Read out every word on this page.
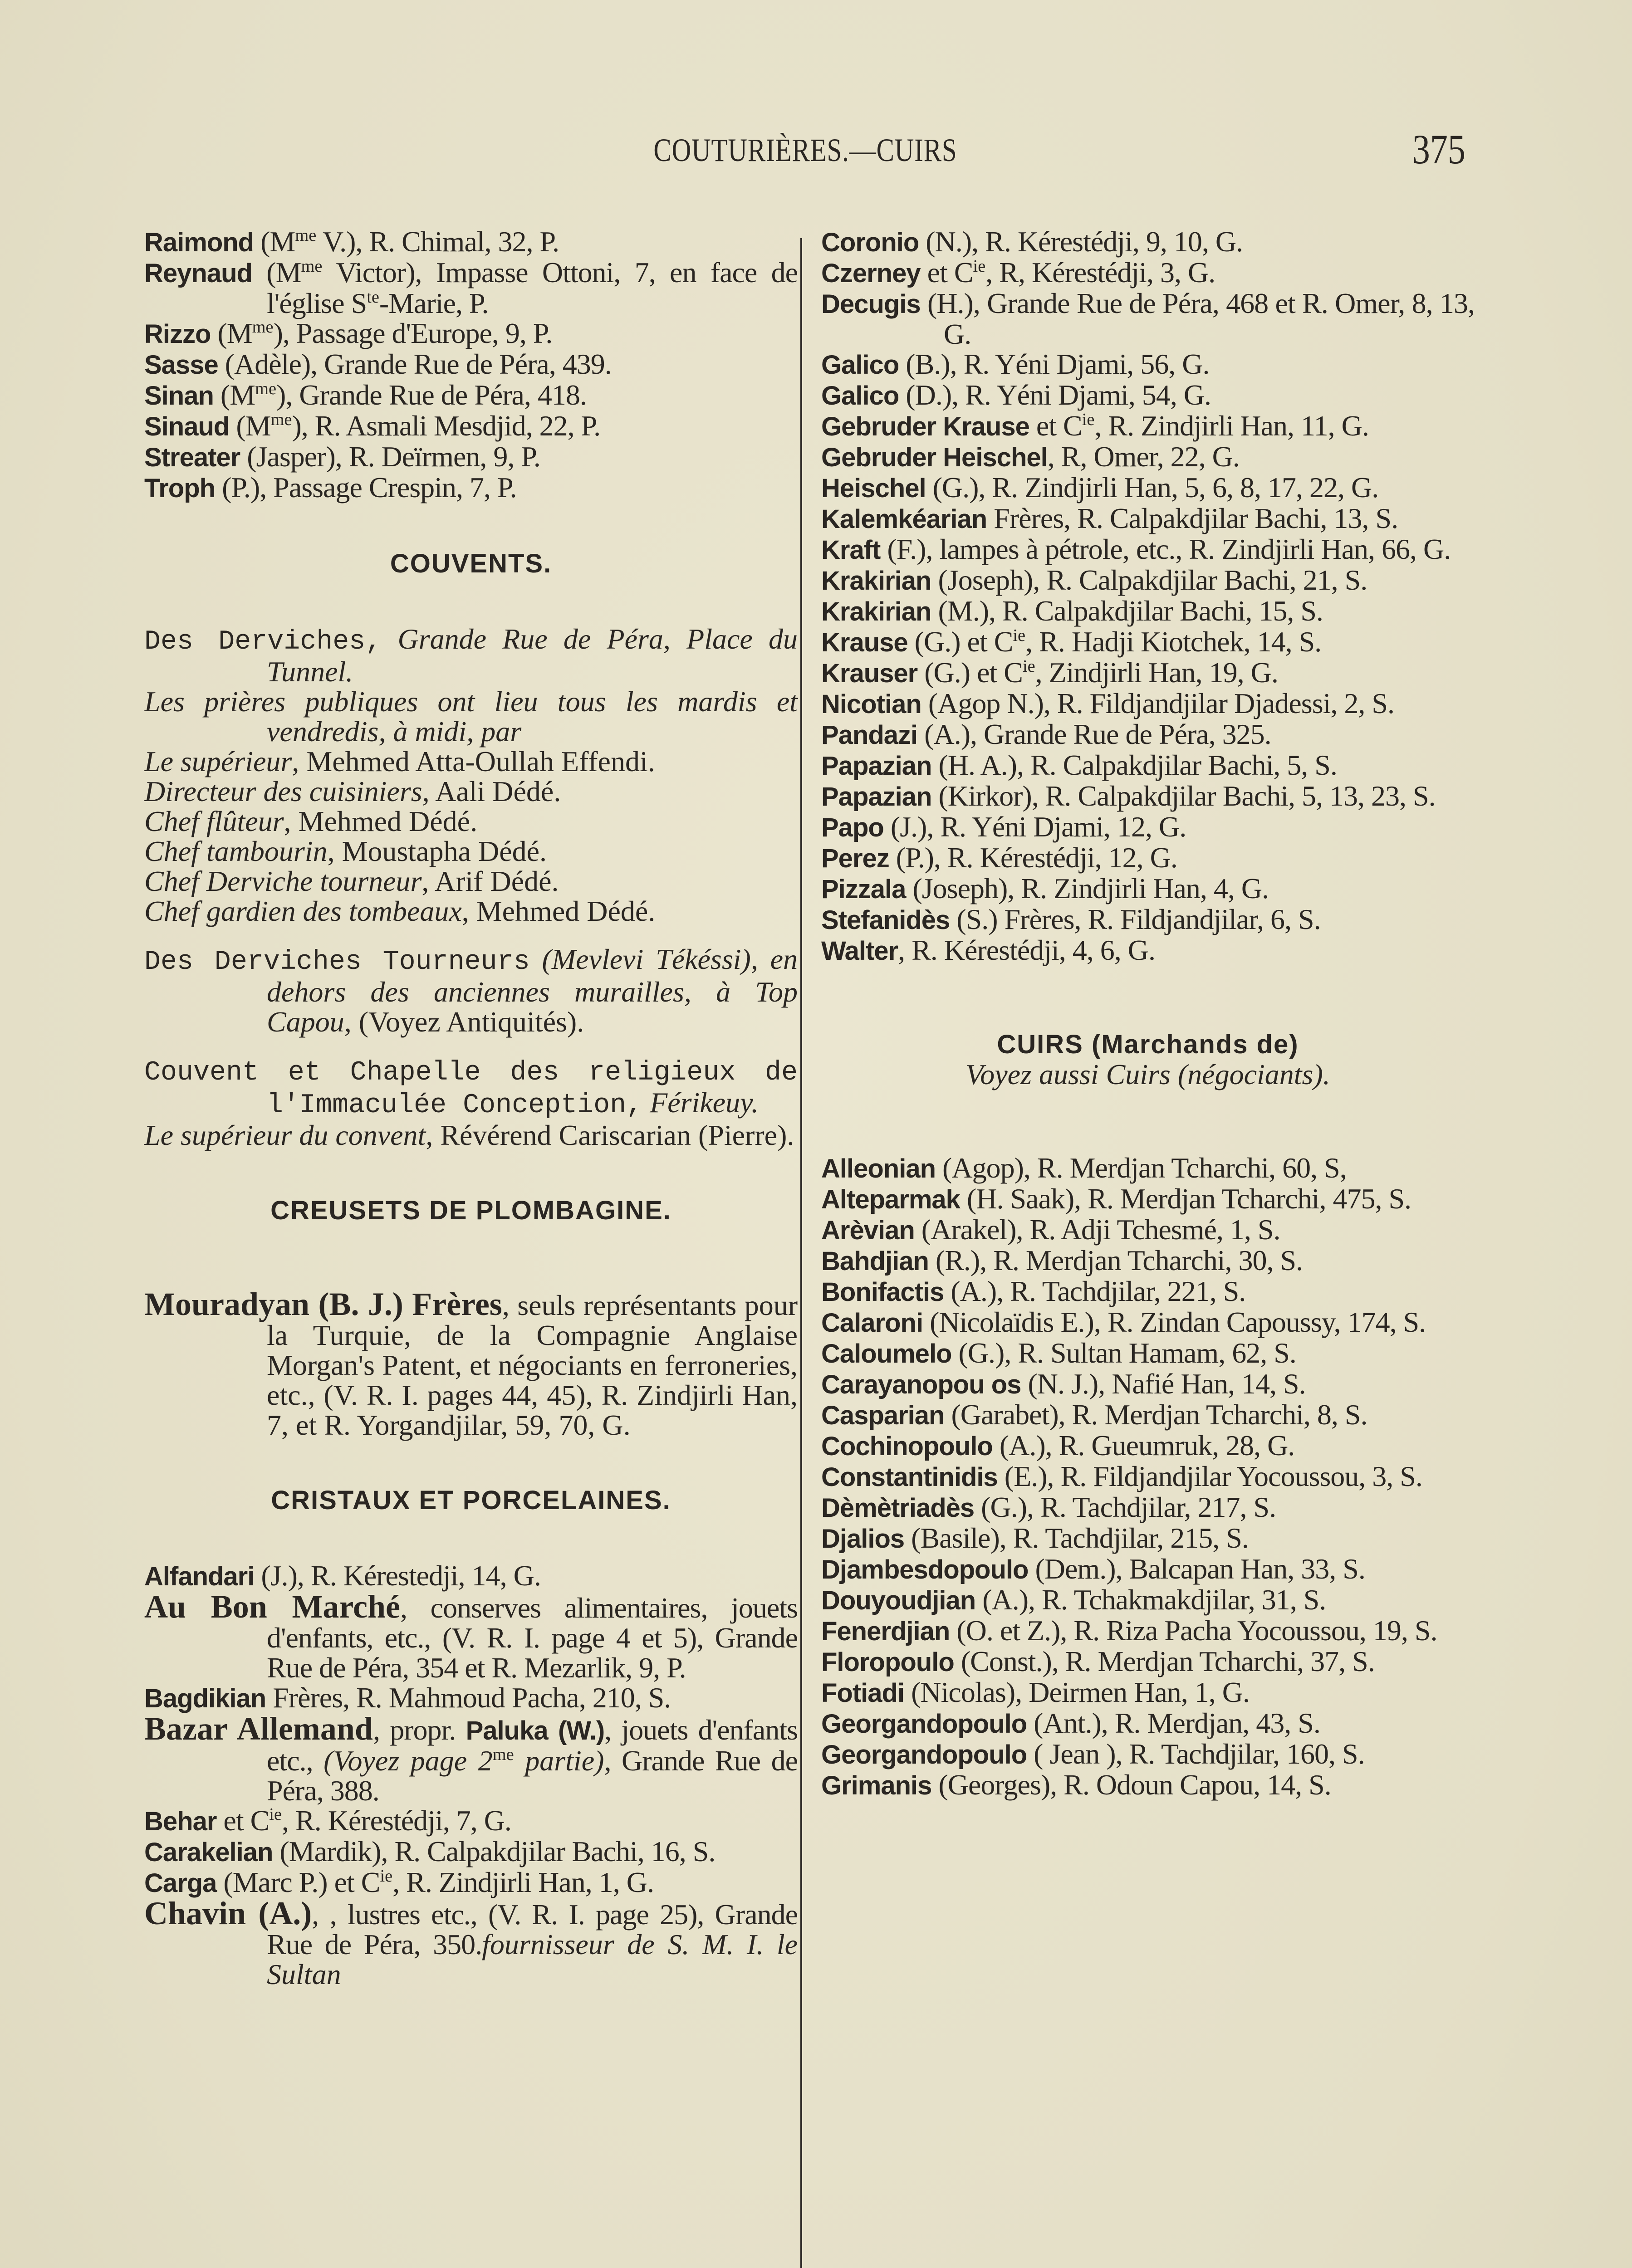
COUTURIÈRES.—CUIRS	375

Raimond ($M^{me}$ V.), R. Chimal, 32, P.

Reynaud ($M^{me}$ Victor), Impasse Ottoni, 7, en face de l'église $S^{te}$-Marie, P.

Rizzo $(M^{me})$, Passage d'Europe, 9, P.

Sasse (Adèle), Grande Rue de Péra, 439.

Sinan $(M^{me})$, Grande Rue de Péra, 418.

Sinaud $(M^{me})$, R. Asmali Mesdjid, 22, P.

Streater (Jasper), R. Deïrmen, 9, P.

Troph (P.), Passage Crespin, 7, P.

COUVENTS.

Des Derviches, Grande Rue de Péra, Place du Tunnel.

Les prières publiques ont lieu tous les mardis et vendredis, à midi, par

Le supérieur, Mehmed Atta-Oullah Effendi.

Directeur des cuisiniers, Aali Dédé.

Chef flûteur, Mehmed Dédé.

Chef tambourin, Moustapha Dédé.

Chef Derviche tourneur, Arif Dédé.

Chef gardien des tombeaux, Mehmed Dédé.

Des Derviches Tourneurs (Mevlevi Tékéssi), en dehors des anciennes murailles, à Top Capou, (Voyez Antiquités).

Couvent et Chapelle des religieux de l'Immaculée Conception, Férikeuy.

Le supérieur du convent, Révérend Cariscarian (Pierre).

CREUSETS DE PLOMBAGINE.

Mouradyan (B. J.) Frères, seuls représentants pour la Turquie, de la Compagnie Anglaise Morgan's Patent, et négociants en ferroneries, etc., (V. R. I. pages 44, 45), R. Zindjirli Han, 7, et R. Yorgandjilar, 59, 70, G.

CRISTAUX ET PORCELAINES.

Alfandari (J.), R. Kérestedji, 14, G.

Au Bon Marché, conserves alimentaires, jouets d'enfants, etc., (V. R. I. page 4 et 5), Grande Rue de Péra, 354 et R. Mezarlik, 9, P.

Bagdikian Frères, R. Mahmoud Pacha, 210, S.

Bazar Allemand, propr. Paluka (W.), jouets d'enfants etc., (Voyez page $2^{me}$ partie), Grande Rue de Péra, 388.

Behar et $C^{ie}$, R. Kérestédji, 7, G.

Carakelian (Mardik), R. Calpakdjilar Bachi, 16, S.

Carga (Marc P.) et $C^{ie}$, R. Zindjirli Han, 1, G.

Chavin (A.), , lustres etc., (V. R. I. page 25), Grande Rue de Péra, 350.fournisseur de S. M. I. le Sultan

Coronio (N.), R. Kérestédji, 9, 10, G.

Czerney et $C^{ie}$, R, Kérestédji, 3, G.

Decugis (H.), Grande Rue de Péra, 468 et R. Omer, 8, 13, G.

Galico (B.), R. Yéni Djami, 56, G.

Galico (D.), R. Yéni Djami, 54, G.

Gebruder Krause et $C^{ie}$, R. Zindjirli Han, 11, G.

Gebruder Heischel, R, Omer, 22, G.

Heischel (G.), R. Zindjirli Han, 5, 6, 8, 17, 22, G.

Kalemkéarian Frères, R. Calpakdjilar Bachi, 13, S.

Kraft (F.), lampes à pétrole, etc., R. Zindjirli Han, 66, G.

Krakirian (Joseph), R. Calpakdjilar Bachi, 21, S.

Krakirian (M.), R. Calpakdjilar Bachi, 15, S.

Krause (G.) et $C^{ie}$, R. Hadji Kiotchek, 14, S.

Krauser (G.) et $C^{ie}$, Zindjirli Han, 19, G.

Nicotian (Agop N.), R. Fildjandjilar Djadessi, 2, S.

Pandazi (A.), Grande Rue de Péra, 325.

Papazian (H. A.), R. Calpakdjilar Bachi, 5, S.

Papazian (Kirkor), R. Calpakdjilar Bachi, 5, 13, 23, S.

Papo (J.), R. Yéni Djami, 12, G.

Perez (P.), R. Kérestédji, 12, G.

Pizzala (Joseph), R. Zindjirli Han, 4, G.

Stefanidès (S.) Frères, R. Fildjandjilar, 6, S.

Walter, R. Kérestédji, 4, 6, G.

CUIRS (Marchands de)

Voyez aussi Cuirs (négociants).

Alleonian (Agop), R. Merdjan Tcharchi, 60, S,

Alteparmak (H. Saak), R. Merdjan Tcharchi, 475, S.

Arèvian (Arakel), R. Adji Tchesmé, 1, S.

Bahdjian (R.), R. Merdjan Tcharchi, 30, S.

Bonifactis (A.), R. Tachdjilar, 221, S.

Calaroni (Nicolaïdis E.), R. Zindan Capoussy, 174, S.

Caloumelo (G.), R. Sultan Hamam, 62, S.

Carayanopou os (N. J.), Nafié Han, 14, S.

Casparian (Garabet), R. Merdjan Tcharchi, 8, S.

Cochinopoulo (A.), R. Gueumruk, 28, G.

Constantinidis (E.), R. Fildjandjilar Yocoussou, 3, S.

Dèmètriadès (G.), R. Tachdjilar, 217, S.

Djalios (Basile), R. Tachdjilar, 215, S.

Djambesdopoulo (Dem.), Balcapan Han, 33, S.

Douyoudjian (A.), R. Tchakmakdjilar, 31, S.

Fenerdjian (O. et Z.), R. Riza Pacha Yocoussou, 19, S.

Floropoulo (Const.), R. Merdjan Tcharchi, 37, S.

Fotiadi (Nicolas), Deirmen Han, 1, G.

Georgandopoulo (Ant.), R. Merdjan, 43, S.

Georgandopoulo ( Jean ), R. Tachdjilar, 160, S.

Grimanis (Georges), R. Odoun Capou, 14, S.
